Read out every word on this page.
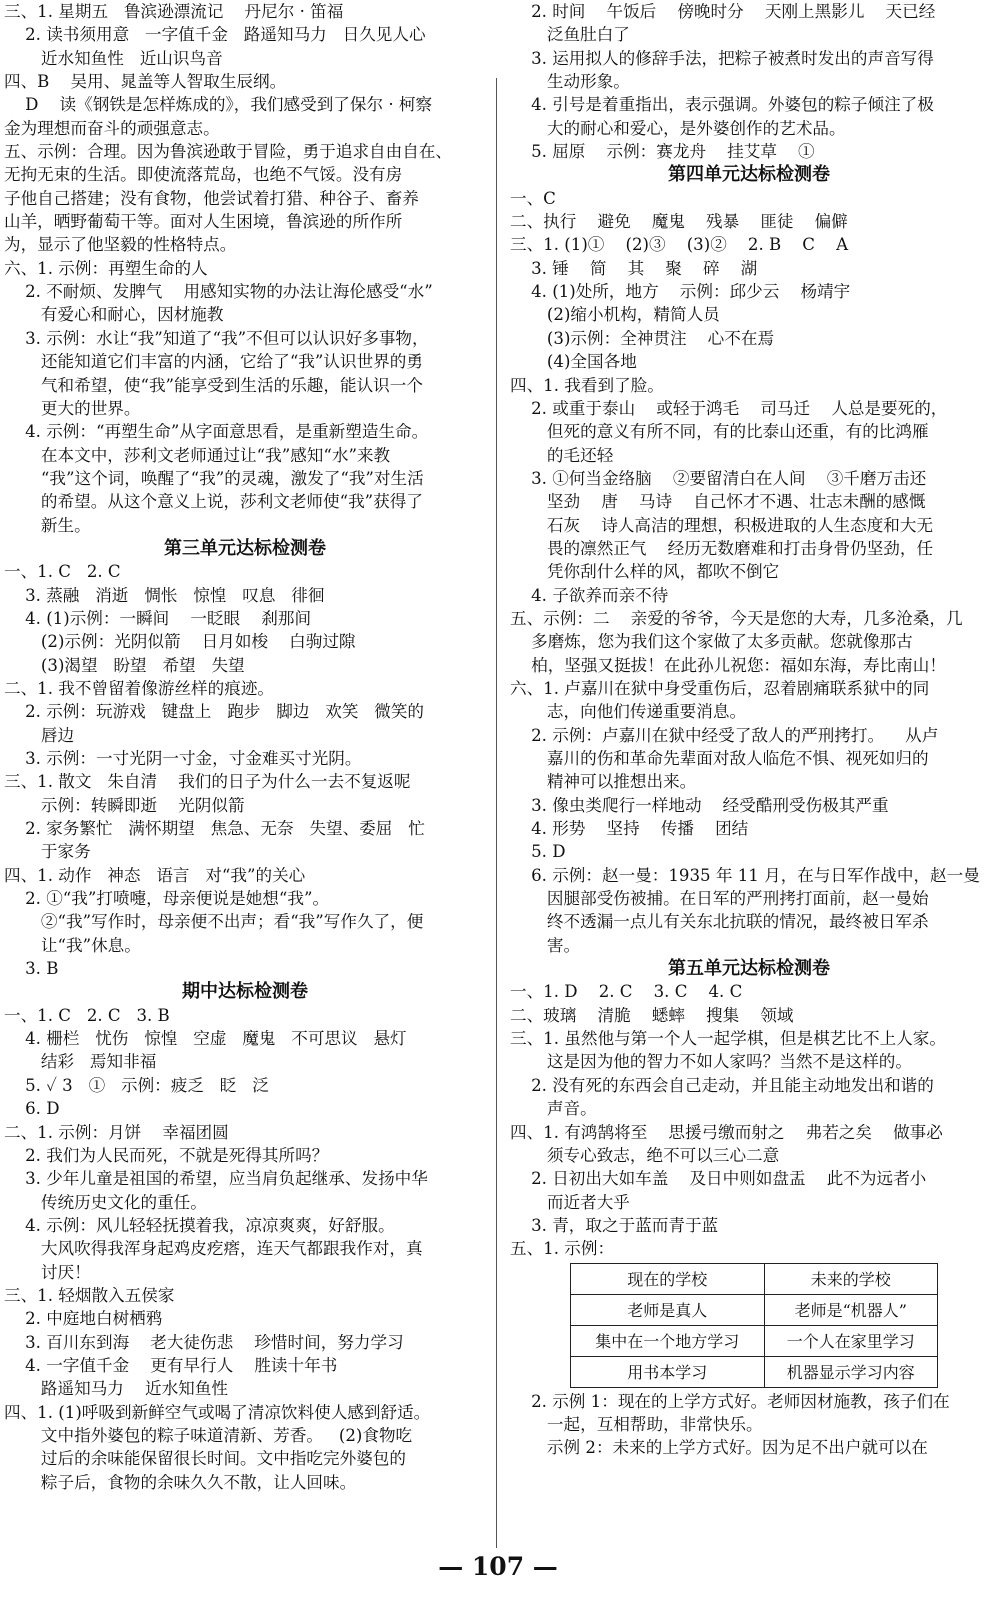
三、1. 星期五   鲁滨逊漂流记    丹尼尔 · 笛福
2. 读书须用意   一字值千金   路遥知马力   日久见人心
近水知鱼性   近山识鸟音
四、B    吴用、晁盖等人智取生辰纲。
D    读《钢铁是怎样炼成的》，我们感受到了保尔 · 柯察
金为理想而奋斗的顽强意志。
五、示例：合理。因为鲁滨逊敢于冒险，勇于追求自由自在、
无拘无束的生活。即使流落荒岛，也绝不气馁。没有房
子他自己搭建；没有食物，他尝试着打猎、种谷子、畜养
山羊，晒野葡萄干等。面对人生困境，鲁滨逊的所作所
为，显示了他坚毅的性格特点。
六、1. 示例：再塑生命的人
2. 不耐烦、发脾气    用感知实物的办法让海伦感受“水”
有爱心和耐心，因材施教
3. 示例：水让“我”知道了“我”不但可以认识好多事物，
还能知道它们丰富的内涵，它给了“我”认识世界的勇
气和希望，使“我”能享受到生活的乐趣，能认识一个
更大的世界。
4. 示例：“再塑生命”从字面意思看，是重新塑造生命。
在本文中，莎利文老师通过让“我”感知“水”来教
“我”这个词，唤醒了“我”的灵魂，激发了“我”对生活
的希望。从这个意义上说，莎利文老师使“我”获得了
新生。
第三单元达标检测卷
一、1. C   2. C
3. 蒸融   消逝   惆怅   惊惶   叹息   徘徊
4. (1)示例：一瞬间    一眨眼    刹那间
(2)示例：光阴似箭    日月如梭    白驹过隙
(3)渴望   盼望   希望   失望
二、1. 我不曾留着像游丝样的痕迹。
2. 示例：玩游戏   键盘上   跑步   脚边   欢笑   微笑的
唇边
3. 示例：一寸光阴一寸金，寸金难买寸光阴。
三、1. 散文   朱自清    我们的日子为什么一去不复返呢
示例：转瞬即逝    光阴似箭
2. 家务繁忙   满怀期望   焦急、无奈   失望、委屈   忙
于家务
四、1. 动作   神态   语言   对“我”的关心
2. ①“我”打喷嚏，母亲便说是她想“我”。
②“我”写作时，母亲便不出声；看“我”写作久了，便
让“我”休息。
3. B
期中达标检测卷
一、1. C   2. C   3. B
4. 栅栏   忧伤   惊惶   空虚   魔鬼   不可思议   悬灯
结彩   焉知非福
5. ✓ 3   ①   示例：疲乏   眨   泛
6. D
二、1. 示例：月饼    幸福团圆
2. 我们为人民而死，不就是死得其所吗？
3. 少年儿童是祖国的希望，应当肩负起继承、发扬中华
传统历史文化的重任。
4. 示例：风儿轻轻抚摸着我，凉凉爽爽，好舒服。
大风吹得我浑身起鸡皮疙瘩，连天气都跟我作对，真
讨厌！
三、1. 轻烟散入五侯家
2. 中庭地白树栖鸦
3. 百川东到海    老大徒伤悲    珍惜时间，努力学习
4. 一字值千金    更有早行人    胜读十年书
路遥知马力    近水知鱼性
四、1. (1)呼吸到新鲜空气或喝了清凉饮料使人感到舒适。
文中指外婆包的粽子味道清新、芳香。   (2)食物吃
过后的余味能保留很长时间。文中指吃完外婆包的
粽子后，食物的余味久久不散，让人回味。
2. 时间    午饭后    傍晚时分    天刚上黑影儿    天已经
泛鱼肚白了
3. 运用拟人的修辞手法，把粽子被煮时发出的声音写得
生动形象。
4. 引号是着重指出，表示强调。外婆包的粽子倾注了极
大的耐心和爱心，是外婆创作的艺术品。
5. 屈原    示例：赛龙舟    挂艾草    ①
第四单元达标检测卷
一、C
二、执行    避免    魔鬼    残暴    匪徒    偏僻
三、1. (1)①    (2)③    (3)②    2. B    C    A
3. 锤    简    其    聚    碎    湖
4. (1)处所，地方    示例：邱少云    杨靖宇
(2)缩小机构，精简人员
(3)示例：全神贯注    心不在焉
(4)全国各地
四、1. 我看到了脸。
2. 或重于泰山    或轻于鸿毛    司马迁    人总是要死的，
但死的意义有所不同，有的比泰山还重，有的比鸿雁
的毛还轻
3. ①何当金络脑    ②要留清白在人间    ③千磨万击还
坚劲    唐    马诗    自己怀才不遇、壮志未酬的感慨
石灰    诗人高洁的理想，积极进取的人生态度和大无
畏的凛然正气    经历无数磨难和打击身骨仍坚劲，任
凭你刮什么样的风，都吹不倒它
4. 子欲养而亲不待
五、示例：二    亲爱的爷爷，今天是您的大寿，几多沧桑，几
多磨炼，您为我们这个家做了太多贡献。您就像那古
柏，坚强又挺拔！在此孙儿祝您：福如东海，寿比南山！
六、1. 卢嘉川在狱中身受重伤后，忍着剧痛联系狱中的同
志，向他们传递重要消息。
2. 示例：卢嘉川在狱中经受了敌人的严刑拷打。    从卢
嘉川的伤和革命先辈面对敌人临危不惧、视死如归的
精神可以推想出来。
3. 像虫类爬行一样地动    经受酷刑受伤极其严重
4. 形势    坚持    传播    团结
5. D
6. 示例：赵一曼：1935 年 11 月，在与日军作战中，赵一曼
因腿部受伤被捕。在日军的严刑拷打面前，赵一曼始
终不透漏一点儿有关东北抗联的情况，最终被日军杀
害。
第五单元达标检测卷
一、1. D    2. C    3. C    4. C
二、玻璃    清脆    蟋蟀    搜集    领域
三、1. 虽然他与第一个人一起学棋，但是棋艺比不上人家。
这是因为他的智力不如人家吗？当然不是这样的。
2. 没有死的东西会自己走动，并且能主动地发出和谐的
声音。
四、1. 有鸿鹄将至    思援弓缴而射之    弗若之矣    做事必
须专心致志，绝不可以三心二意
2. 日初出大如车盖    及日中则如盘盂    此不为远者小
而近者大乎
3. 青，取之于蓝而青于蓝
五、1. 示例：
现在的学校	未来的学校
老师是真人	老师是“机器人”
集中在一个地方学习	一个人在家里学习
用书本学习	机器显示学习内容
2. 示例 1：现在的上学方式好。老师因材施教，孩子们在
一起，互相帮助，非常快乐。
示例 2：未来的上学方式好。因为足不出户就可以在
— 107 —
